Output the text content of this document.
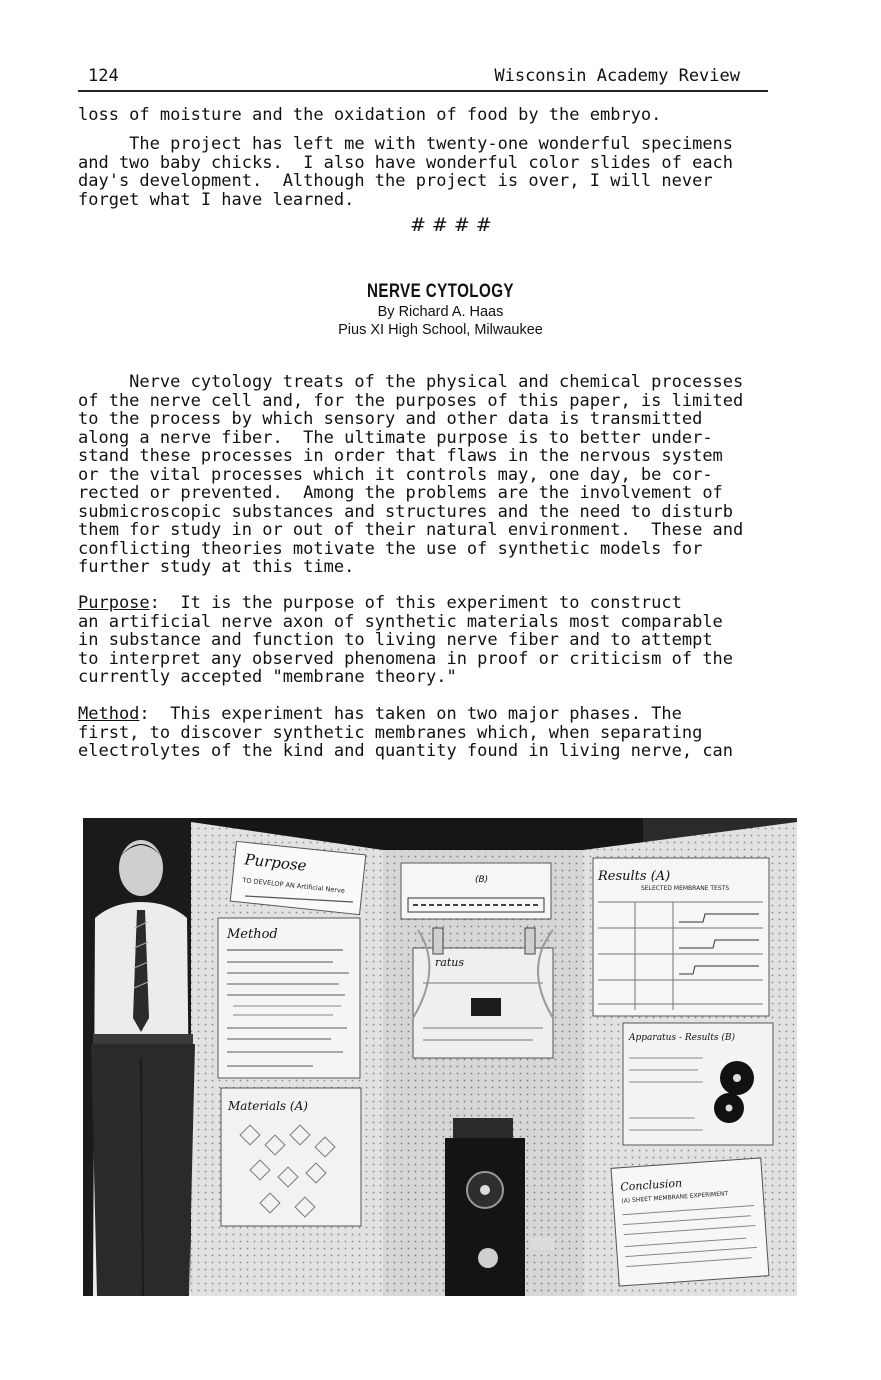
124	Wisconsin Academy Review

loss of moisture and the oxidation of food by the embryo.

The project has left me with twenty-one wonderful specimens
and two baby chicks.  I also have wonderful color slides of each
day's development.  Although the project is over, I will never
forget what I have learned.

####
NERVE CYTOLOGY
By Richard A. Haas
Pius XI High School, Milwaukee

Nerve cytology treats of the physical and chemical processes
of the nerve cell and, for the purposes of this paper, is limited
to the process by which sensory and other data is transmitted
along a nerve fiber.  The ultimate purpose is to better under-
stand these processes in order that flaws in the nervous system
or the vital processes which it controls may, one day, be cor-
rected or prevented.  Among the problems are the involvement of
submicroscopic substances and structures and the need to disturb
them for study in or out of their natural environment.  These and
conflicting theories motivate the use of synthetic models for
further study at this time.

Purpose:  It is the purpose of this experiment to construct
an artificial nerve axon of synthetic materials most comparable
in substance and function to living nerve fiber and to attempt
to interpret any observed phenomena in proof or criticism of the
currently accepted "membrane theory."

Method:  This experiment has taken on two major phases. The
first, to discover synthetic membranes which, when separating
electrolytes of the kind and quantity found in living nerve, can

Purpose
TO DEVELOP AN Artificial Nerve
Method
Materials (A)
(B)
ratus
Results (A)
SELECTED MEMBRANE TESTS
Apparatus - Results (B)
Conclusion
(A) SHEET MEMBRANE EXPERIMENT
